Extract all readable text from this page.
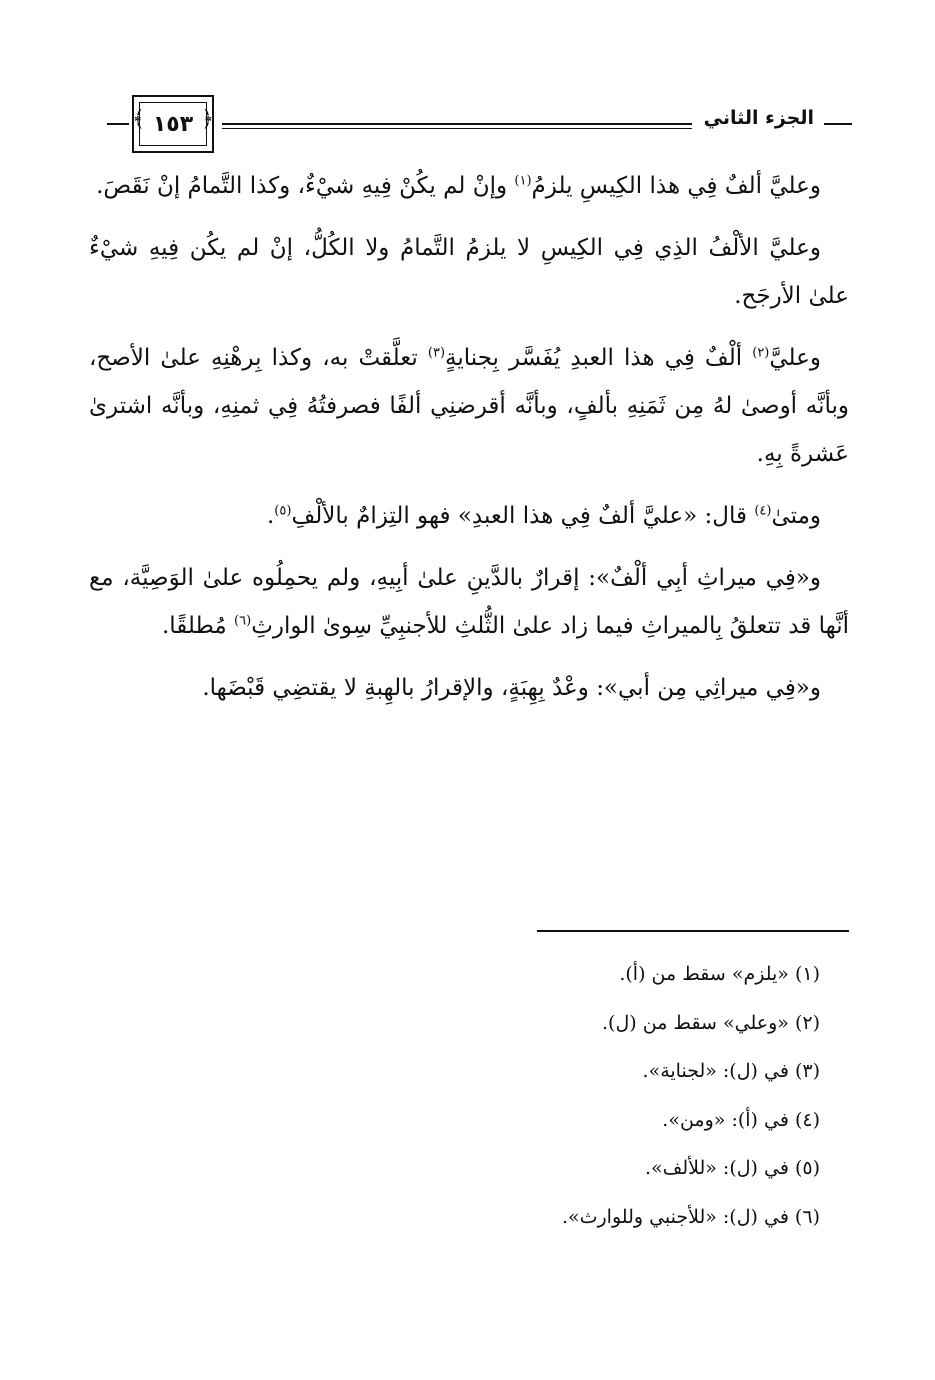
الجزء الثاني
﴿
١٥٣
﴾

وعليَّ ألفٌ فِي هذا الكِيسِ يلزمُ$^{(١)}$ وإنْ لم يكُنْ فِيهِ شيْءٌ، وكذا التَّمامُ إنْ نَقَصَ.

وعليَّ الألْفُ الذِي فِي الكِيسِ لا يلزمُ التَّمامُ ولا الكُلُّ، إنْ لم يكُن فِيهِ شيْءٌ علىٰ الأرجَح.

وعليَّ$^{(٢)}$ ألْفٌ فِي هذا العبدِ يُفَسَّر بِجنايةٍ$^{(٣)}$ تعلَّقتْ به، وكذا بِرهْنِهِ علىٰ الأصح، وبأنَّه أوصىٰ لهُ مِن ثَمَنِهِ بألفٍ، وبأنَّه أقرضنِي ألفًا فصرفتُهُ فِي ثمنِهِ، وبأنَّه اشترىٰ عَشرةً بِهِ.

ومتىٰ$^{(٤)}$ قال: «عليَّ ألفٌ فِي هذا العبدِ» فهو التِزامٌ بالألْفِ$^{(٥)}$.

و«فِي ميراثِ أبِي ألْفٌ»: إقرارٌ بالدَّينِ علىٰ أبِيهِ، ولم يحمِلُوه علىٰ الوَصِيَّة، مع أنَّها قد تتعلقُ بِالميراثِ فيما زاد علىٰ الثُّلثِ للأجنبِيِّ سِوىٰ الوارثِ$^{(٦)}$ مُطلقًا.

و«فِي ميراثِي مِن أبي»: وعْدٌ بِهِبَةٍ، والإقرارُ بالهِبةِ لا يقتضِي قَبْضَها.

(١) «يلزم» سقط من (أ).

(٢) «وعلي» سقط من (ل).

(٣) في (ل): «لجناية».

(٤) في (أ): «ومن».

(٥) في (ل): «للألف».

(٦) في (ل): «للأجنبي وللوارث».
